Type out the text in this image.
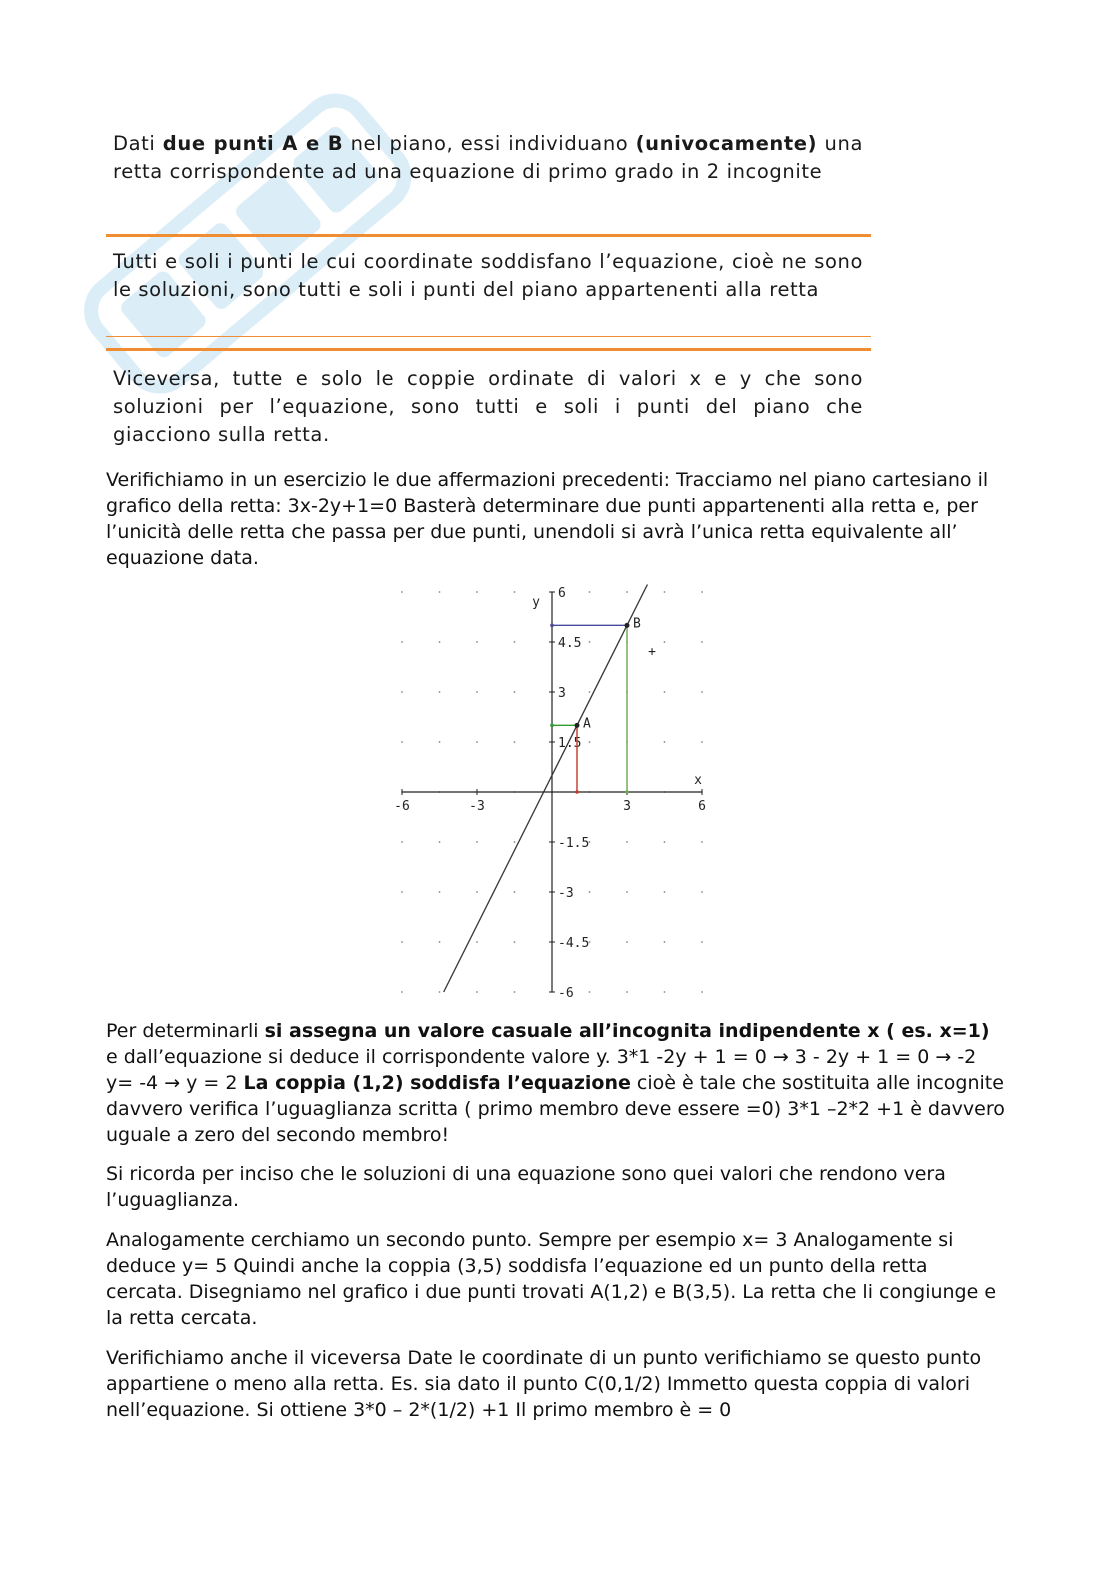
Dati due punti A e B nel piano, essi individuano (univocamente) una retta corrispondente ad una equazione di primo grado in 2 incognite
Tutti e soli i punti le cui coordinate soddisfano l’equazione, cioè ne sono le soluzioni, sono tutti e soli i punti del piano appartenenti alla retta
Viceversa, tutte e solo le coppie ordinate di valori x e y che sono soluzioni per l’equazione, sono tutti e soli i punti del piano che giacciono sulla retta.
Verifichiamo in un esercizio le due affermazioni precedenti: Tracciamo nel piano cartesiano il grafico della retta: 3x-2y+1=0 Basterà determinare due punti appartenenti alla retta e, per l’unicità delle retta che passa per due punti, unendoli si avrà l’unica retta equivalente all’ equazione data.
-6	-3	3	6
6
4.5
3
1.5
-1.5
-3
-4.5
-6
x
y
A
B
+
Per determinarli si assegna un valore casuale all’incognita indipendente x ( es. x=1) e dall’equazione si deduce il corrispondente valore y. 3*1 -2y + 1 = 0 → 3 - 2y + 1 = 0 → -2 y= -4 → y = 2 La coppia (1,2) soddisfa l’equazione cioè è tale che sostituita alle incognite davvero verifica l’uguaglianza scritta ( primo membro deve essere =0) 3*1 –2*2 +1 è davvero uguale a zero del secondo membro!
Si ricorda per inciso che le soluzioni di una equazione sono quei valori che rendono vera l’uguaglianza.
Analogamente cerchiamo un secondo punto. Sempre per esempio x= 3 Analogamente si deduce y= 5 Quindi anche la coppia (3,5) soddisfa l’equazione ed un punto della retta cercata. Disegniamo nel grafico i due punti trovati A(1,2) e B(3,5). La retta che li congiunge e la retta cercata.
Verifichiamo anche il viceversa Date le coordinate di un punto verifichiamo se questo punto appartiene o meno alla retta. Es. sia dato il punto C(0,1/2) Immetto questa coppia di valori nell’equazione. Si ottiene 3*0 – 2*(1/2) +1 Il primo membro è = 0
